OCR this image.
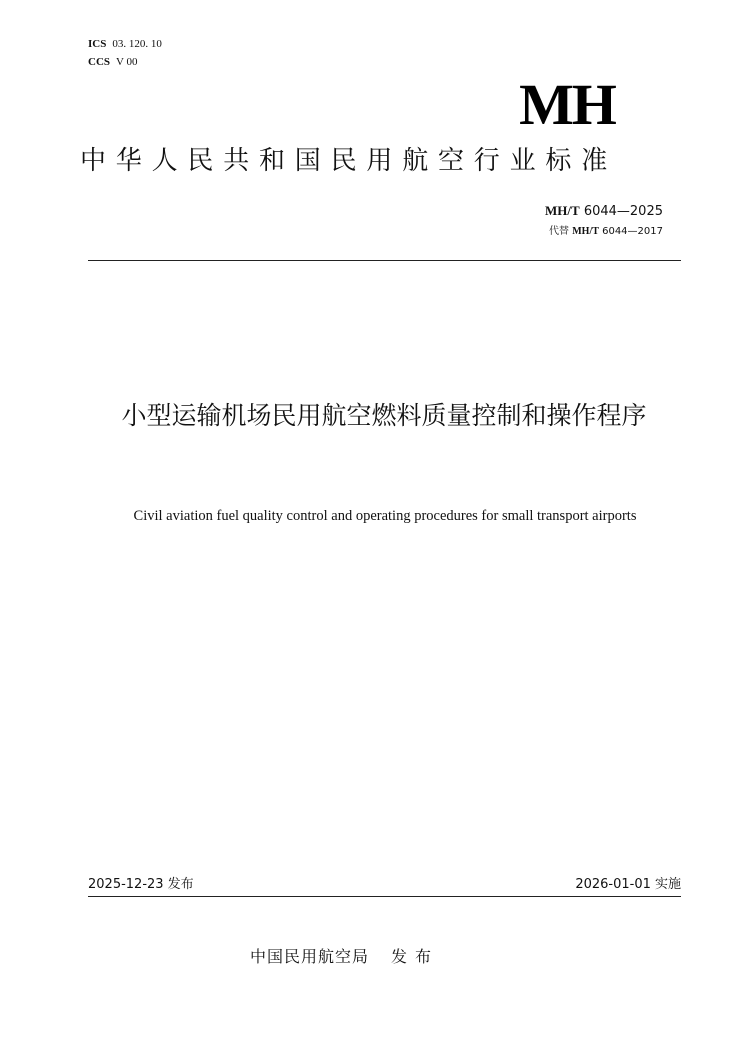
ICS 03. 120. 10
CCS V 00
MH
中华人民共和国民用航空行业标准
MH/T 6044—2025
代替 MH/T 6044—2017
小型运输机场民用航空燃料质量控制和操作程序
Civil aviation fuel quality control and operating procedures for small transport airports
2025-12-23 发布	2026-01-01 实施
中国民用航空局 发布
